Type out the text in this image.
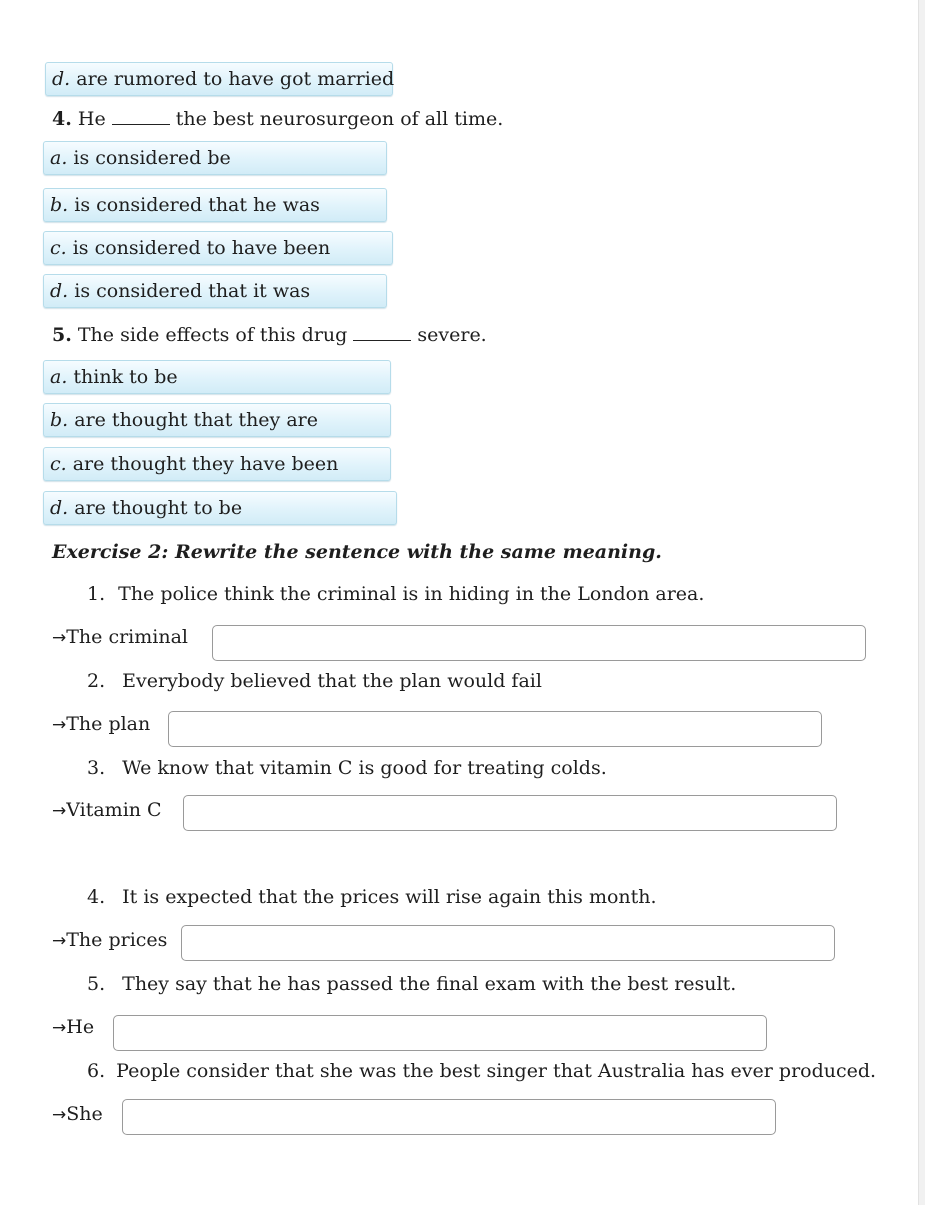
d. are rumored to have got married
4. He	the best neurosurgeon of all time.
a. is considered be
b. is considered that he was
c. is considered to have been
d. is considered that it was
5. The side effects of this drug	severe.
a. think to be
b. are thought that they are
c. are thought they have been
d. are thought to be
Exercise 2: Rewrite the sentence with the same meaning.
1. The police think the criminal is in hiding in the London area.
→The criminal
2. Everybody believed that the plan would fail
→The plan
3. We know that vitamin C is good for treating colds.
→Vitamin C
4. It is expected that the prices will rise again this month.
→The prices
5. They say that he has passed the final exam with the best result.
→He
6. People consider that she was the best singer that Australia has ever produced.
→She
